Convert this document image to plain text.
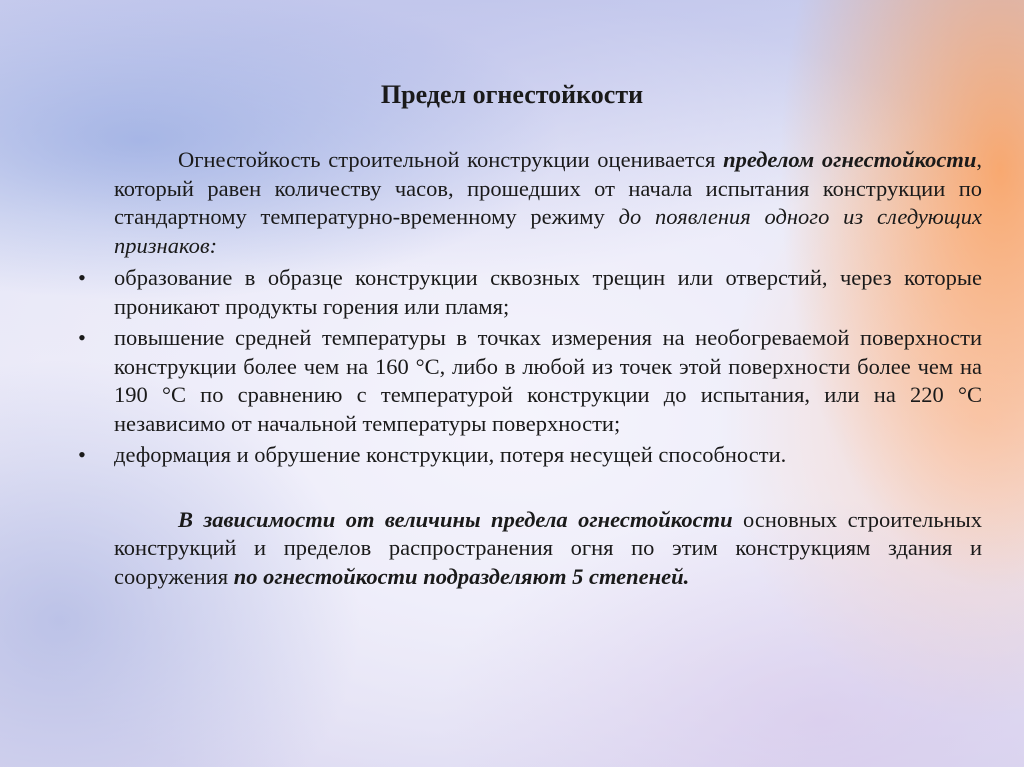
Предел огнестойкости

Огнестойкость строительной конструкции оценивается пределом огнестойкости, который равен количеству часов, прошедших от начала испытания конструкции по стандартному температурно-временному режиму до появления одного из следующих признаков:

•	образование в образце конструкции сквозных трещин или отверстий, через которые проникают продукты горения или пламя;
•	повышение средней температуры в точках измерения на необогреваемой поверхности конструкции более чем на 160 °С, либо в любой из точек этой поверхности более чем на 190 °С по сравнению с температурой конструкции до испытания, или на 220 °С независимо от начальной температуры поверхности;
•	деформация и обрушение конструкции, потеря несущей способности.

В зависимости от величины предела огнестойкости основных строительных конструкций и пределов распространения огня по этим конструкциям здания и сооружения по огнестойкости подразделяют 5 степеней.
